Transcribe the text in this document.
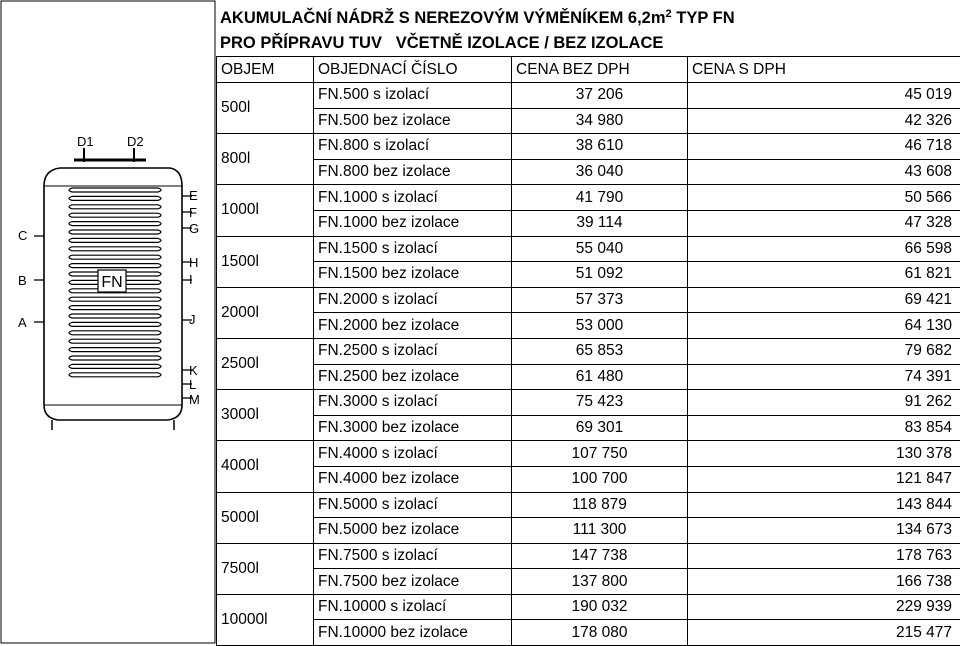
FN
D1	D2
E
F
G
H
I
J
K
L
M
C
B
A
AKUMULAČNÍ NÁDRŽ S NEREZOVÝM VÝMĚNÍKEM $6,2m^2$ TYP FN
PRO PŘÍPRAVU TUV   VČETNĚ IZOLACE / BEZ IZOLACE
OBJEM	OBJEDNACÍ ČÍSLO	CENA BEZ DPH	CENA S DPH
500l	FN.500 s izolací	37 206	45 019
	FN.500 bez izolace	34 980	42 326
800l	FN.800 s izolací	38 610	46 718
	FN.800 bez izolace	36 040	43 608
1000l	FN.1000 s izolací	41 790	50 566
	FN.1000 bez izolace	39 114	47 328
1500l	FN.1500 s izolací	55 040	66 598
	FN.1500 bez izolace	51 092	61 821
2000l	FN.2000 s izolací	57 373	69 421
	FN.2000 bez izolace	53 000	64 130
2500l	FN.2500 s izolací	65 853	79 682
	FN.2500 bez izolace	61 480	74 391
3000l	FN.3000 s izolací	75 423	91 262
	FN.3000 bez izolace	69 301	83 854
4000l	FN.4000 s izolací	107 750	130 378
	FN.4000 bez izolace	100 700	121 847
5000l	FN.5000 s izolací	118 879	143 844
	FN.5000 bez izolace	111 300	134 673
7500l	FN.7500 s izolací	147 738	178 763
	FN.7500 bez izolace	137 800	166 738
10000l	FN.10000 s izolací	190 032	229 939
	FN.10000 bez izolace	178 080	215 477
